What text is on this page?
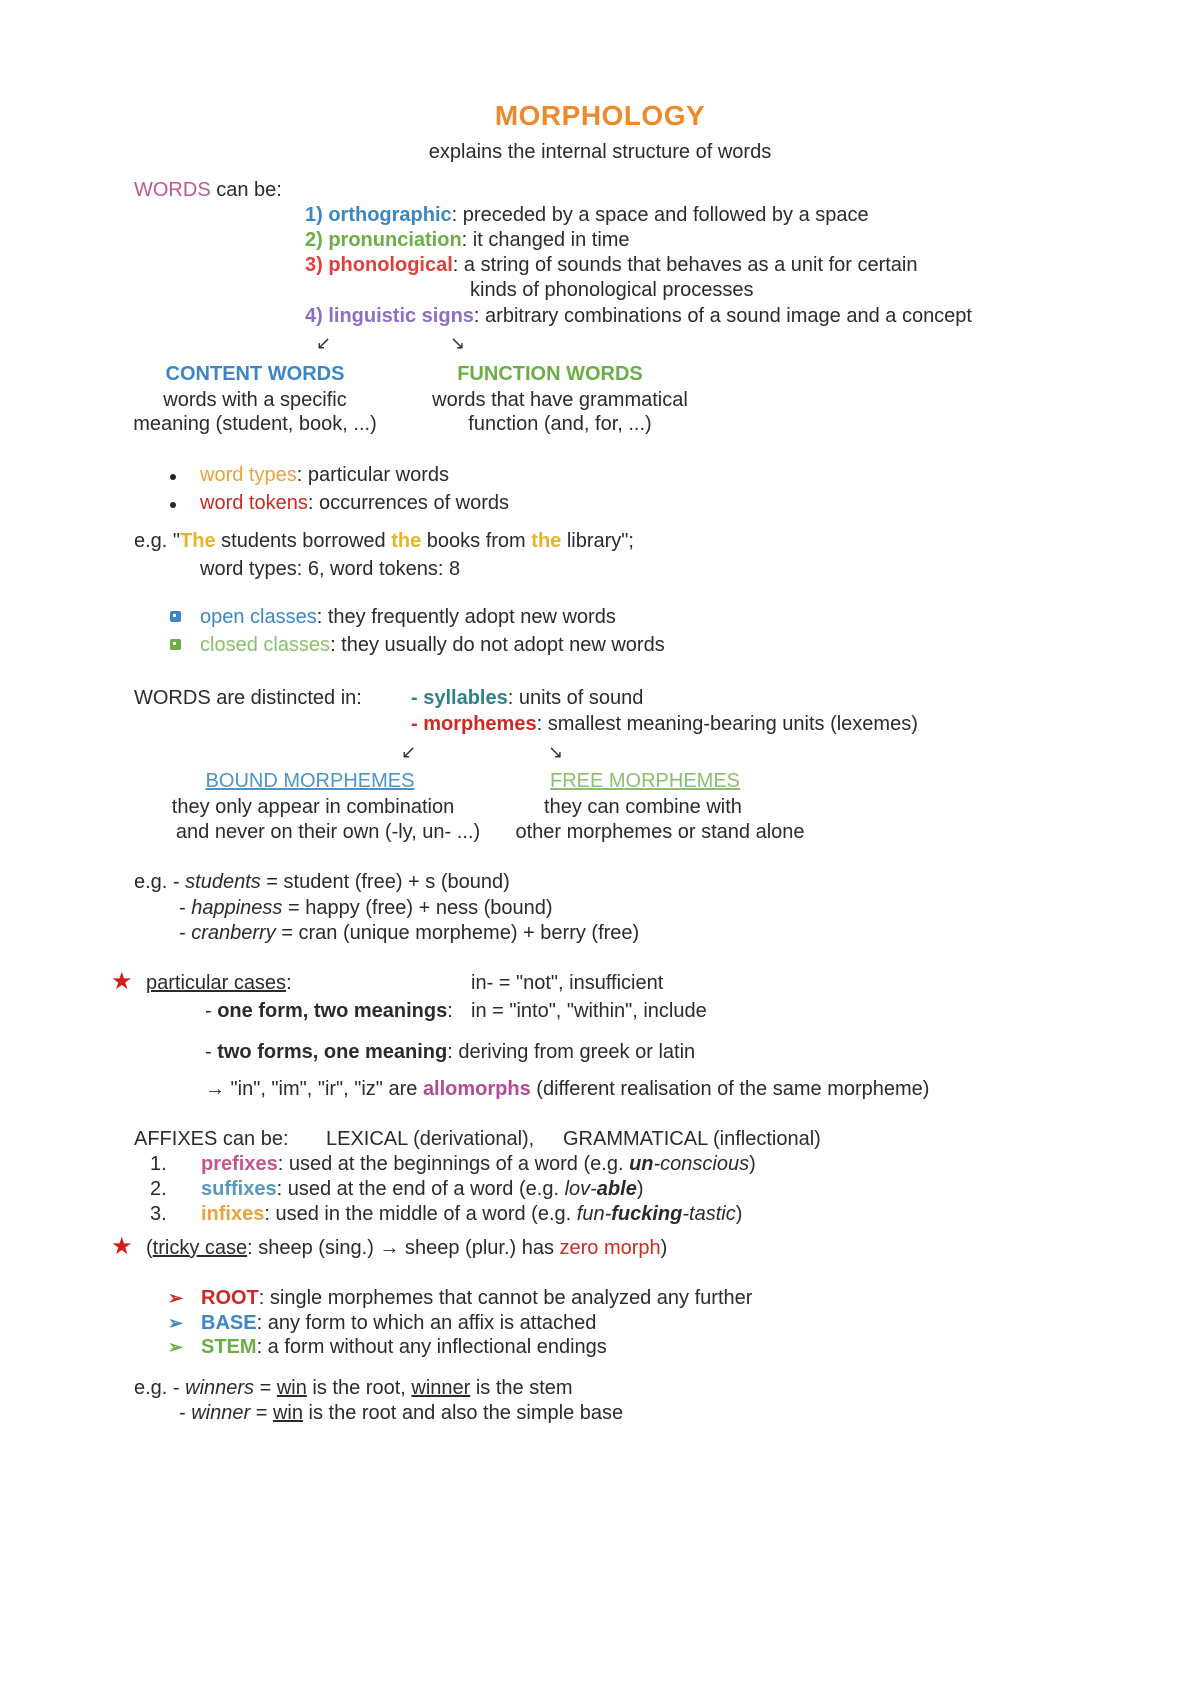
MORPHOLOGY
explains the internal structure of words
WORDS can be:
1) orthographic: preceded by a space and followed by a space
2) pronunciation: it changed in time
3) phonological: a string of sounds that behaves as a unit for certain
kinds of phonological processes
4) linguistic signs: arbitrary combinations of a sound image and a concept
↙	↘
CONTENT WORDS
words with a specific
meaning (student, book, ...)
FUNCTION WORDS
words that have grammatical
function (and, for, ...)
word types: particular words
word tokens: occurrences of words
e.g. "The students borrowed the books from the library";
word types: 6, word tokens: 8
open classes: they frequently adopt new words
closed classes: they usually do not adopt new words
WORDS are distincted in: - syllables: units of sound
- morphemes: smallest meaning-bearing units (lexemes)
↙	↘
BOUND MORPHEMES
they only appear in combination
and never on their own (-ly, un- ...)
FREE MORPHEMES
they can combine with
other morphemes or stand alone
e.g. - students = student (free) + s (bound)
- happiness = happy (free) + ness (bound)
- cranberry = cran (unique morpheme) + berry (free)
★ particular cases:	in- = "not", insufficient
- one form, two meanings: in = "into", "within", include
- two forms, one meaning: deriving from greek or latin
→ "in", "im", "ir", "iz" are allomorphs (different realisation of the same morpheme)
AFFIXES can be: LEXICAL (derivational), GRAMMATICAL (inflectional)
1. prefixes: used at the beginnings of a word (e.g. un-conscious)
2. suffixes: used at the end of a word (e.g. lov-able)
3. infixes: used in the middle of a word (e.g. fun-fucking-tastic)
★ (tricky case: sheep (sing.) → sheep (plur.) has zero morph)
➢ ROOT: single morphemes that cannot be analyzed any further
➢ BASE: any form to which an affix is attached
➢ STEM: a form without any inflectional endings
e.g. - winners = win is the root, winner is the stem
- winner = win is the root and also the simple base
